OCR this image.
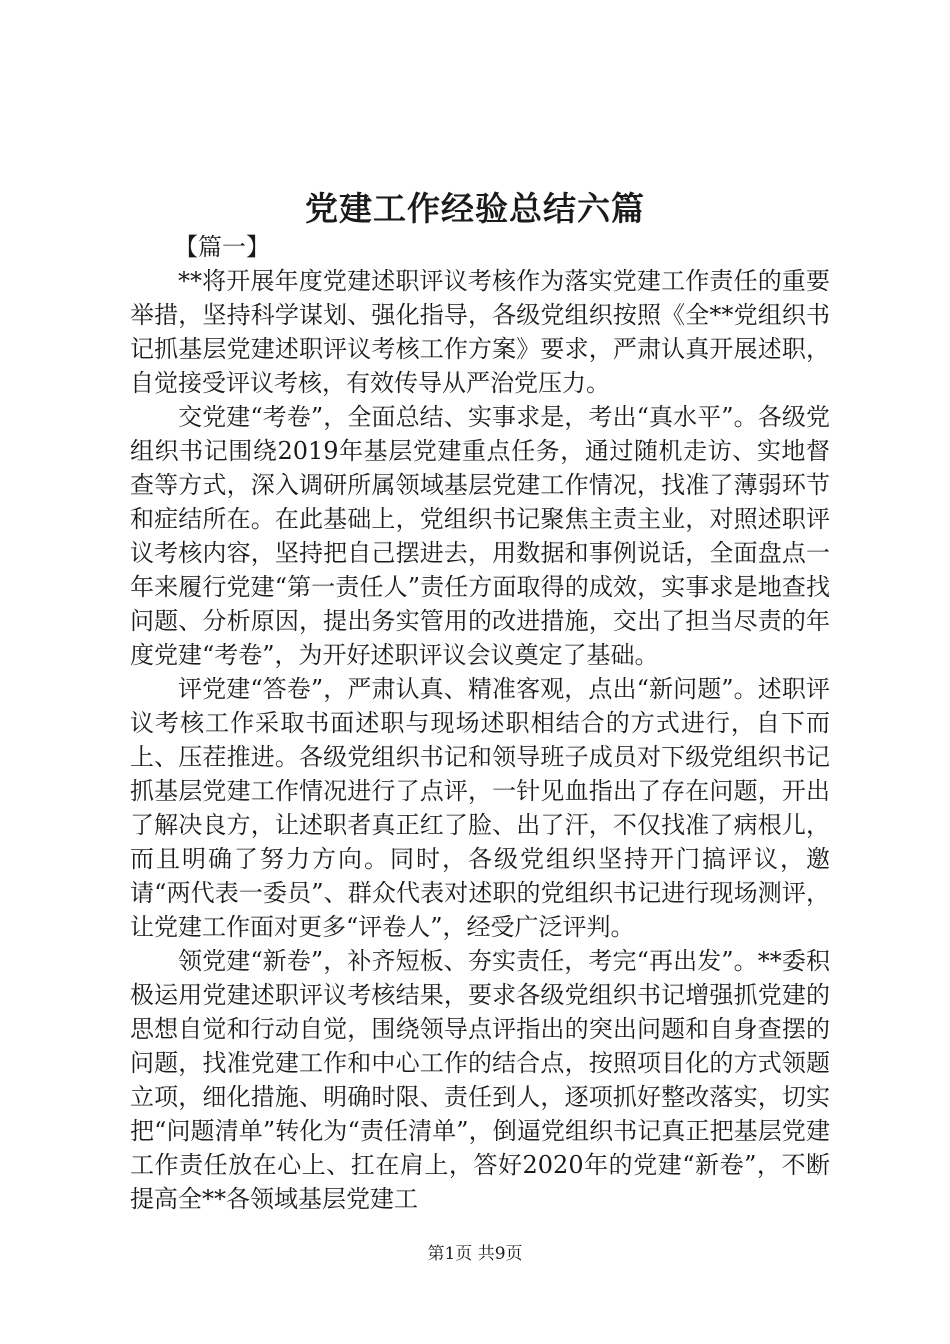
党建工作经验总结六篇

【篇一】

**将开展年度党建述职评议考核作为落实党建工作责任的重要举措，坚持科学谋划、强化指导，各级党组织按照《全**党组织书记抓基层党建述职评议考核工作方案》要求，严肃认真开展述职，自觉接受评议考核，有效传导从严治党压力。

交党建“考卷”，全面总结、实事求是，考出“真水平”。各级党组织书记围绕2019年基层党建重点任务，通过随机走访、实地督查等方式，深入调研所属领域基层党建工作情况，找准了薄弱环节和症结所在。在此基础上，党组织书记聚焦主责主业，对照述职评议考核内容，坚持把自己摆进去，用数据和事例说话，全面盘点一年来履行党建“第一责任人”责任方面取得的成效，实事求是地查找问题、分析原因，提出务实管用的改进措施，交出了担当尽责的年度党建“考卷”，为开好述职评议会议奠定了基础。

评党建“答卷”，严肃认真、精准客观，点出“新问题”。述职评议考核工作采取书面述职与现场述职相结合的方式进行，自下而上、压茬推进。各级党组织书记和领导班子成员对下级党组织书记抓基层党建工作情况进行了点评，一针见血指出了存在问题，开出了解决良方，让述职者真正红了脸、出了汗，不仅找准了病根儿，而且明确了努力方向。同时，各级党组织坚持开门搞评议，邀请“两代表一委员”、群众代表对述职的党组织书记进行现场测评，让党建工作面对更多“评卷人”，经受广泛评判。

领党建“新卷”，补齐短板、夯实责任，考完“再出发”。**委积极运用党建述职评议考核结果，要求各级党组织书记增强抓党建的思想自觉和行动自觉，围绕领导点评指出的突出问题和自身查摆的问题，找准党建工作和中心工作的结合点，按照项目化的方式领题立项，细化措施、明确时限、责任到人，逐项抓好整改落实，切实把“问题清单”转化为“责任清单”，倒逼党组织书记真正把基层党建工作责任放在心上、扛在肩上，答好2020年的党建“新卷”，不断提高全**各领域基层党建工

第1页 共9页
